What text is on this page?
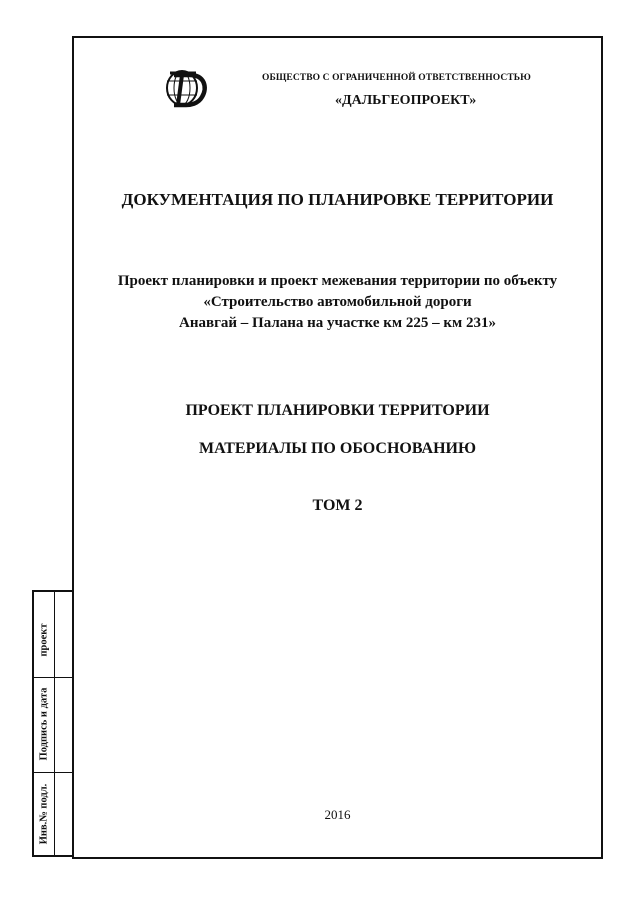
проект
Подпись и дата
Инв.№ подл.
ОБЩЕСТВО С ОГРАНИЧЕННОЙ ОТВЕТСТВЕННОСТЬЮ
«ДАЛЬГЕОПРОЕКТ»
ДОКУМЕНТАЦИЯ ПО ПЛАНИРОВКЕ ТЕРРИТОРИИ
Проект планировки и проект межевания территории по объекту
«Строительство автомобильной дороги
Анавгай – Палана на участке км 225 – км 231»
ПРОЕКТ ПЛАНИРОВКИ ТЕРРИТОРИИ
МАТЕРИАЛЫ ПО ОБОСНОВАНИЮ
ТОМ 2
2016
